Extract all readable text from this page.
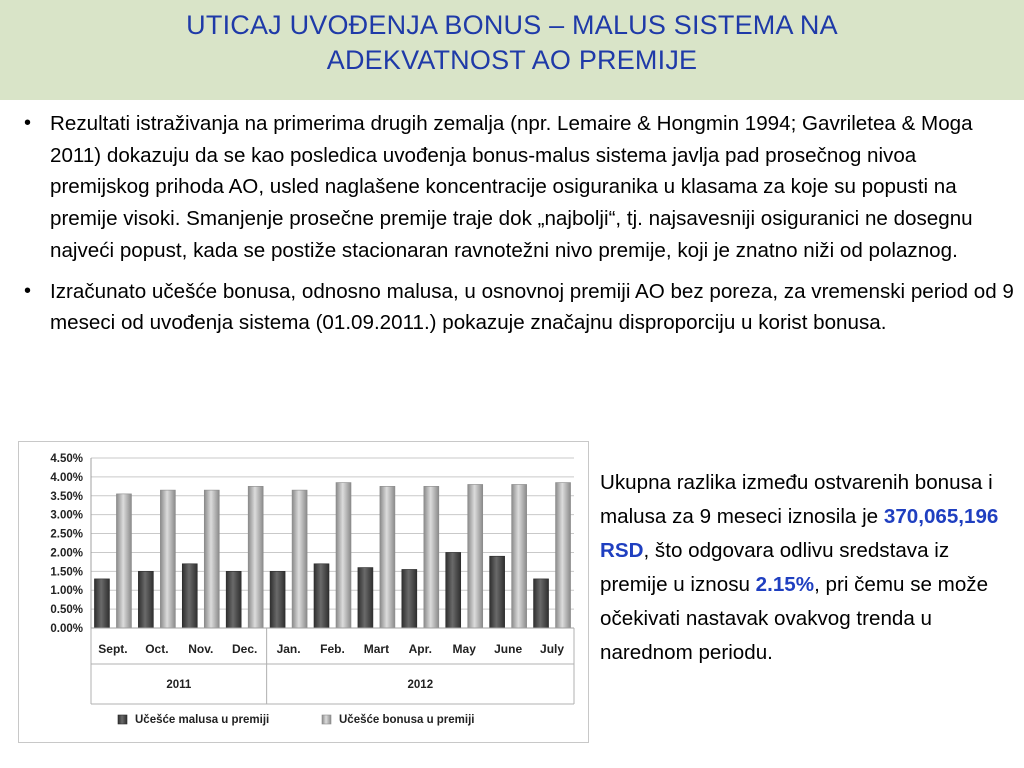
UTICAJ UVOĐENJA BONUS – MALUS SISTEMA NA
ADEKVATNOST AO PREMIJE
• Rezultati istraživanja na primerima drugih zemalja (npr. Lemaire & Hongmin 1994; Gavriletea & Moga 2011) dokazuju da se kao posledica uvođenja bonus-malus sistema javlja pad prosečnog nivoa premijskog prihoda AO, usled naglašene koncentracije osiguranika u klasama za koje su popusti na premije visoki. Smanjenje prosečne premije traje dok „najbolji“, tj. najsavesniji osiguranici ne dosegnu najveći popust, kada se postiže stacionaran ravnotežni nivo premije, koji je znatno niži od polaznog.
• Izračunato učešće bonusa, odnosno malusa, u osnovnoj premiji AO bez poreza, za vremenski period od 9 meseci od uvođenja sistema (01.09.2011.) pokazuje značajnu disproporciju u korist bonusa.
0.00%
0.50%
1.00%
1.50%
2.00%
2.50%
3.00%
3.50%
4.00%
4.50%
Sept. Oct. Nov. Dec. Jan. Feb. Mart Apr. May June July
2011	2012
Učešće malusa u premiji	Učešće bonusa u premiji
Ukupna razlika između ostvarenih bonusa i malusa za 9 meseci iznosila je 370,065,196 RSD, što odgovara odlivu sredstava iz premije u iznosu 2.15%, pri čemu se može očekivati nastavak ovakvog trenda u narednom periodu.
